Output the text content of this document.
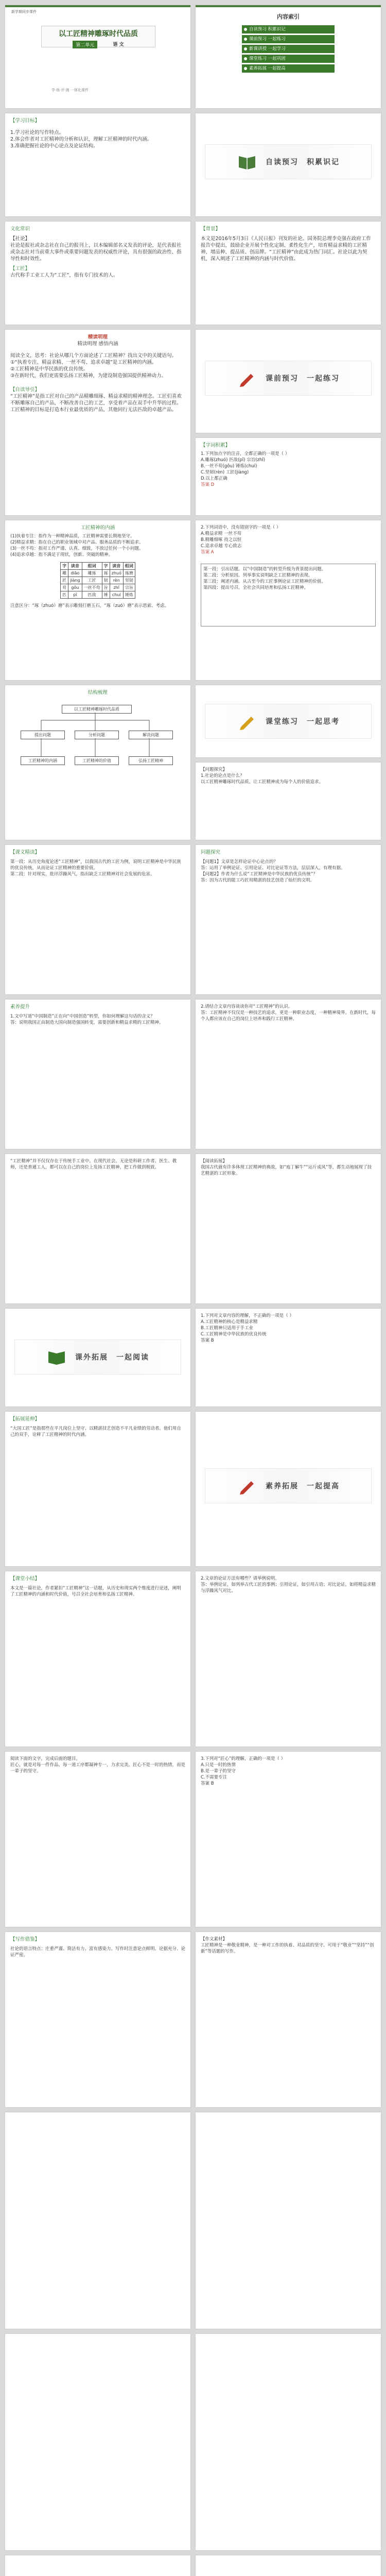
新学期同步课件
以工匠精神雕琢时代品质
第二单元	语 文
学·练·评·测 一体化课件
内容索引
自读预习 积累识记
课前预习 一起练习
新课讲授 一起学习
课堂练习 一起巩固
素养拓展 一起提高
【学习目标】
1.学习社论的写作特点。
2.体会作者对工匠精神的分析和认识，理解工匠精神的时代内涵。
3.准确把握社论的中心论点及论证结构。
自读预习　积累识记
文化常识
【社论】
社论是报社或杂志社在自己的报刊上，以本编辑部名义发表的评论，是代表报社或杂志社对当前重大事件或重要问题发表的权威性评论，具有很强的政治性、指导性和时效性。
【工匠】
古代称手工业工人为“工匠”，指有专门技术的人。
【背景】
本文是2016年5月3日《人民日报》刊发的社论。国务院总理李克强在政府工作报告中提出，鼓励企业开展个性化定制、柔性化生产，培育精益求精的工匠精神，增品种、提品质、创品牌。“工匠精神”由此成为热门词汇。社论以此为契机，深入阐述了工匠精神的内涵与时代价值。
精读明理
精读明理 感悟内涵
阅读全文，思考：社论从哪几个方面论述了工匠精神？找出文中的关键语句。
①“执着专注、精益求精、一丝不苟、追求卓越”是工匠精神的内涵。
②工匠精神是中华民族的优良传统。
③在新时代，我们更需要弘扬工匠精神，为建设制造强国提供精神动力。
【自读导引】
“工匠精神”是指工匠对自己的产品精雕细琢、精益求精的精神理念。工匠们喜欢不断雕琢自己的产品，不断改善自己的工艺，享受着产品在双手中升华的过程。工匠精神的目标是打造本行业最优质的产品，其他同行无法匹敌的卓越产品。
课前预习　一起练习
【字词积累】
1.下列加点字的注音，全都正确的一项是（ ）
A.雕琢(zhuó) 匹敌(pǐ) 宗旨(zhǐ)
B.一丝不苟(gǒu) 锤炼(chuí)
C.坚韧(rèn) 工匠(jiàng)
D.以上都正确
答案 D
工匠精神的内涵
(1)执着专注：指作为一种精神品质，工匠精神需要长期地坚守。
(2)精益求精：指在自己的职业领域中对产品、服务品质的不断追求。
(3)一丝不苟：指对工作严谨、认真、细致，不放过任何一个小问题。
(4)追求卓越：指不满足于现状，创新、突破的精神。
字	读音	组词	字	读音	组词
雕	diāo	雕琢	琢	zhuó	琢磨
匠	jiàng	工匠	韧	rèn	坚韧
苟	gǒu	一丝不苟	旨	zhǐ	宗旨
匹	pǐ	匹敌	锤	chuí	锤炼
注意区分：“琢（zhuó）磨”表示雕刻打磨玉石，“琢（zuó）磨”表示思索、考虑。
2.下列词语中，没有错别字的一项是（ ）
A.精益求精 一丝不苟
B.精雕细啄 持之以恒
C.追求卓越 专心致志
答案 A
第一段：引出话题。以“中国制造”的转型升级为背景提出问题。
第二段：分析原因。列举事实说明缺乏工匠精神的表现。
第三段：阐述内涵。从古至今的工匠事例论证工匠精神的价值。
第四段：提出号召。全社会共同培育和弘扬工匠精神。
结构梳理
以工匠精神雕琢时代品质
提出问题	分析问题	解决问题
工匠精神的内涵	工匠精神的价值	弘扬工匠精神
课堂练习　一起思考
【问题探究】
1.社论的论点是什么？
以工匠精神雕琢时代品质，让工匠精神成为每个人的价值追求。
【课文精读】
第一段：从历史角度论述“工匠精神”，以我国古代的工匠为例，说明工匠精神是中华民族的优良传统，从而论证工匠精神的重要价值。
第二段：针对现实，批评浮躁风气，指出缺乏工匠精神对社会发展的危害。
问题探究
【问题1】文章是怎样论证中心论点的？
答：运用了举例论证、引用论证、对比论证等方法，层层深入，有理有据。
【问题2】作者为什么说“工匠精神是中华民族的优良传统”？
答：因为古代的能工巧匠用精湛的技艺创造了灿烂的文明。
素养提升
1.文中写道“中国制造”正在向“中国创造”转型，你如何理解这句话的含义？
答：说明我国正由制造大国向制造强国转变，需要创新和精益求精的工匠精神。
2.请结合文章内容谈谈你对“工匠精神”的认识。
答：工匠精神不仅仅是一种技艺的追求，更是一种职业态度，一种精神境界。在新时代，每个人都应该在自己的岗位上培养和践行工匠精神。
“工匠精神”并不仅仅存在于传统手工业中。在现代社会，无论是科研工作者、医生、教师，还是普通工人，都可以在自己的岗位上发扬工匠精神，把工作做到极致。
【阅读拓展】
我国古代就有许多体现工匠精神的典故，如“庖丁解牛”“运斤成风”等，都生动地展现了技艺精湛的工匠形象。
课外拓展　一起阅读
1.下列对文章内容的理解，不正确的一项是（ ）
A.工匠精神的核心是精益求精
B.工匠精神只适用于手工业
C.工匠精神是中华民族的优良传统
答案 B
【拓展延伸】
“大国工匠”是指那些在平凡岗位上坚守、以精湛技艺创造不平凡业绩的劳动者。他们用自己的双手，诠释了工匠精神的时代内涵。
素养拓展　一起提高
【课堂小结】
本文是一篇社论，作者紧扣“工匠精神”这一话题，从历史和现实两个维度进行论述，阐明了工匠精神的内涵和时代价值，号召全社会培育和弘扬工匠精神。
2.文章的论证方法有哪些？请举例说明。
答：举例论证，如列举古代工匠的事例；引用论证，如引用古语；对比论证，如将精益求精与浮躁风气对比。
阅读下面的文字，完成后面的题目。
匠心，就是对每一件作品、每一道工序都凝神专一，力求完美。匠心不是一时的热情，而是一辈子的坚守。
3.下列对“匠心”的理解，正确的一项是（ ）
A.只是一时的热情
B.是一辈子的坚守
C.不需要专注
答案 B
【写作借鉴】
社论的语言特点：庄重严谨、简洁有力、富有感染力。写作时注意论点鲜明、论据充分、论证严密。
【作文素材】
工匠精神是一种敬业精神，是一种对工作的执着、对品质的坚守。可用于“敬业”“坚持”“创新”等话题的写作。
